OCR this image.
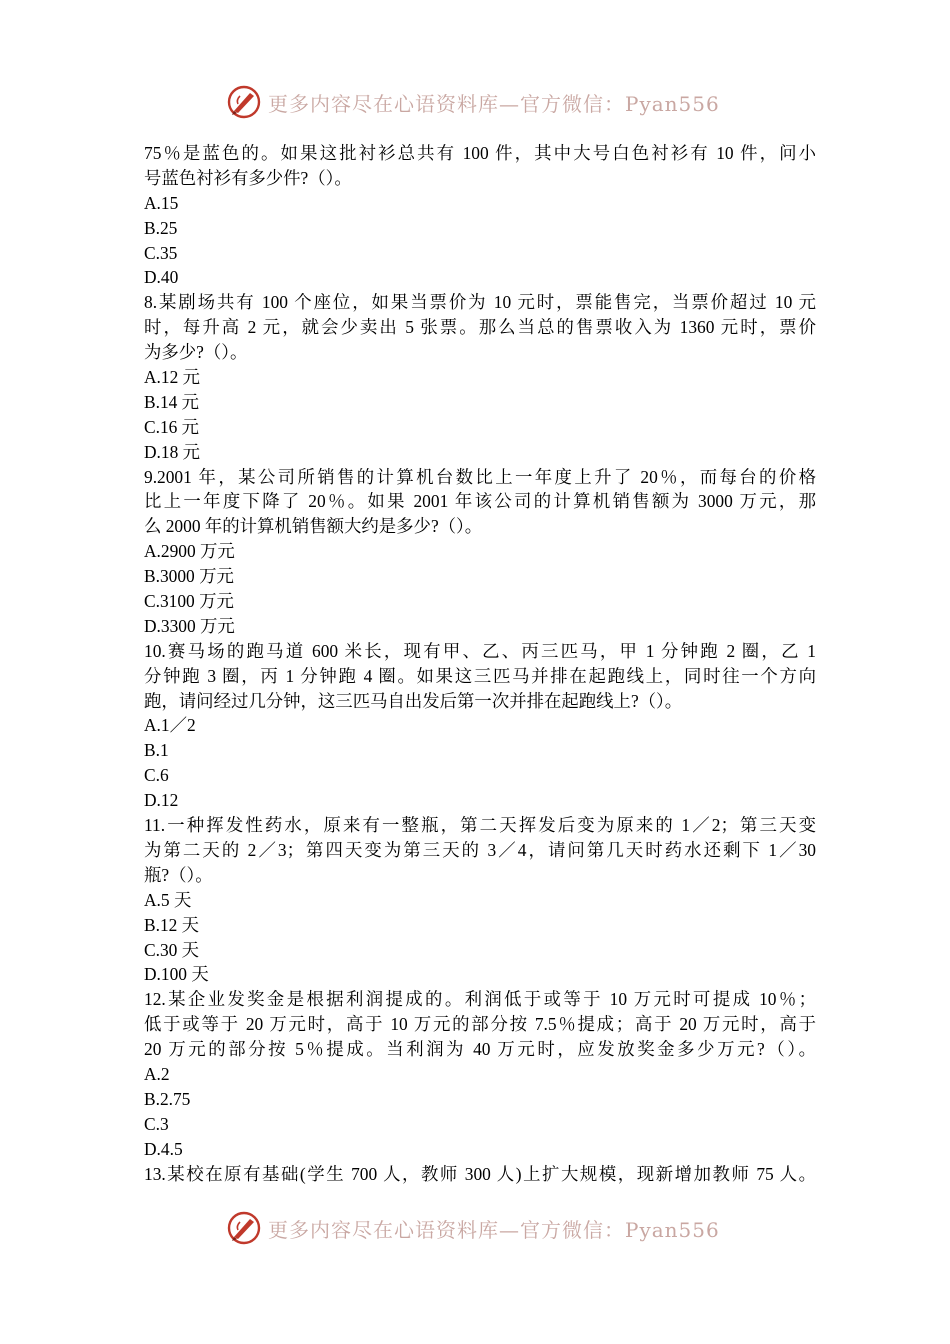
更多内容尽在心语资料库—官方微信：Pyan556
75％是蓝色的。如果这批衬衫总共有 100 件，其中大号白色衬衫有 10 件，问小
号蓝色衬衫有多少件?（）。
A.15
B.25
C.35
D.40
8.某剧场共有 100 个座位，如果当票价为 10 元时，票能售完，当票价超过 10 元
时，每升高 2 元，就会少卖出 5 张票。那么当总的售票收入为 1360 元时，票价
为多少?（）。
A.12 元
B.14 元
C.16 元
D.18 元
9.2001 年，某公司所销售的计算机台数比上一年度上升了 20％，而每台的价格
比上一年度下降了 20％。如果 2001 年该公司的计算机销售额为 3000 万元，那
么 2000 年的计算机销售额大约是多少?（）。
A.2900 万元
B.3000 万元
C.3100 万元
D.3300 万元
10.赛马场的跑马道 600 米长，现有甲、乙、丙三匹马，甲 1 分钟跑 2 圈，乙 1
分钟跑 3 圈，丙 1 分钟跑 4 圈。如果这三匹马并排在起跑线上，同时往一个方向
跑，请问经过几分钟，这三匹马自出发后第一次并排在起跑线上?（）。
A.1／2
B.1
C.6
D.12
11.一种挥发性药水，原来有一整瓶，第二天挥发后变为原来的 1／2；第三天变
为第二天的 2／3；第四天变为第三天的 3／4，请问第几天时药水还剩下 1／30
瓶?（）。
A.5 天
B.12 天
C.30 天
D.100 天
12.某企业发奖金是根据利润提成的。利润低于或等于 10 万元时可提成 10％；
低于或等于 20 万元时，高于 10 万元的部分按 7.5％提成；高于 20 万元时，高于
20 万元的部分按 5％提成。当利润为 40 万元时，应发放奖金多少万元?（）。
A.2
B.2.75
C.3
D.4.5
13.某校在原有基础(学生 700 人，教师 300 人)上扩大规模，现新增加教师 75 人。
更多内容尽在心语资料库—官方微信：Pyan556
